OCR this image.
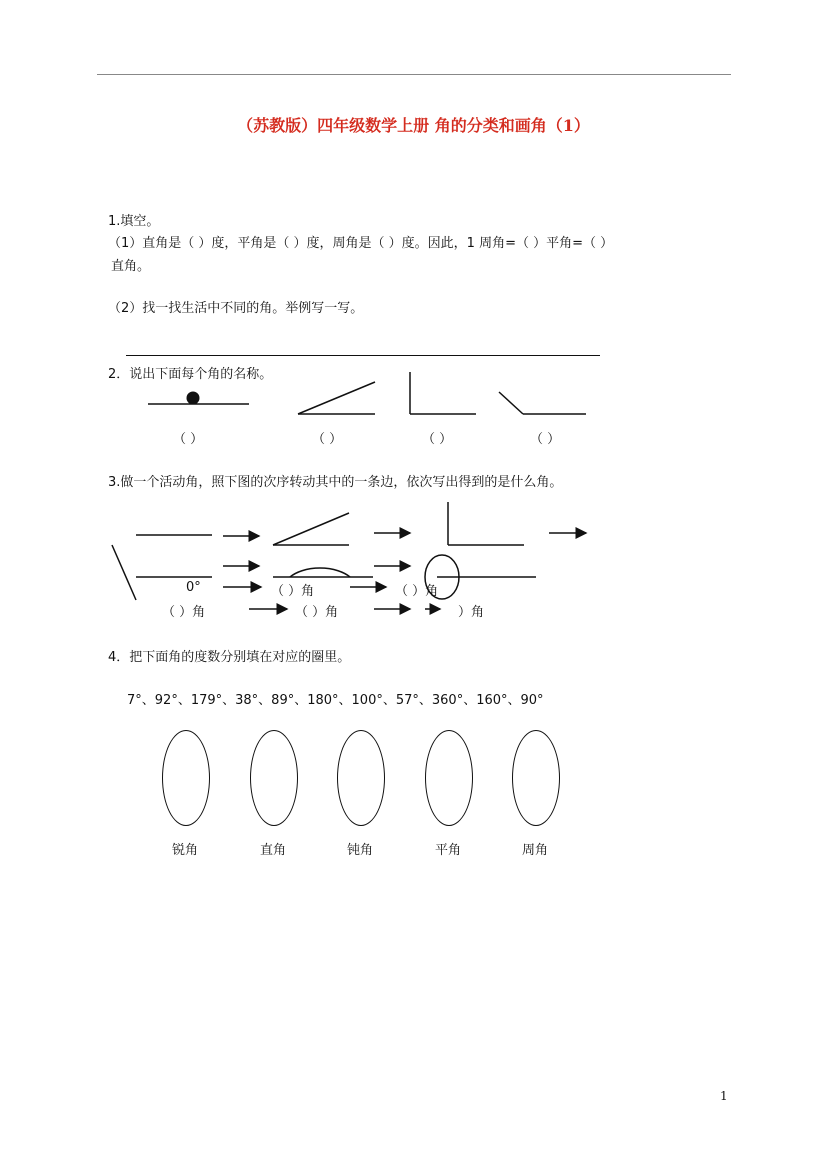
（苏教版）四年级数学上册 角的分类和画角（1）
1.填空。
（1）直角是（ ）度，平角是（ ）度，周角是（ ）度。因此，1 周角=（ ）平角=（ ）
直角。
（2）找一找生活中不同的角。举例写一写。
2．说出下面每个角的名称。
（ ）	（ ）	（ ）	（ ）
3.做一个活动角，照下图的次序转动其中的一条边，依次写出得到的是什么角。
0°	（ ）角	（ ）角
（ ）角	（ ）角	）角
4．把下面角的度数分别填在对应的圈里。
7°、92°、179°、38°、89°、180°、100°、57°、360°、160°、90°
锐角	直角	钝角	平角	周角
1
